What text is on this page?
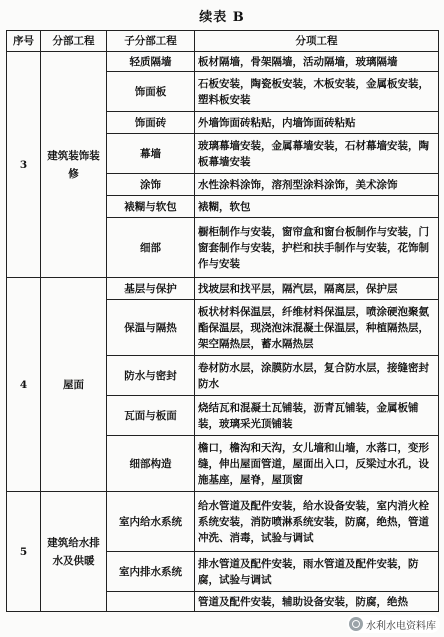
续表 B
序号	分部工程	子分部工程	分项工程
3	建筑装饰装修	轻质隔墙	板材隔墙，骨架隔墙，活动隔墙，玻璃隔墙
		饰面板	石板安装，陶瓷板安装，木板安装，金属板安装，塑料板安装
		饰面砖	外墙饰面砖粘贴，内墙饰面砖粘贴
		幕墙	玻璃幕墙安装，金属幕墙安装，石材幕墙安装，陶板幕墙安装
		涂饰	水性涂料涂饰，溶剂型涂料涂饰，美术涂饰
		裱糊与软包	裱糊，软包
		细部	橱柜制作与安装，窗帘盒和窗台板制作与安装，门窗套制作与安装，护栏和扶手制作与安装，花饰制作与安装
4	屋面	基层与保护	找坡层和找平层，隔汽层，隔离层，保护层
		保温与隔热	板状材料保温层，纤维材料保温层，喷涂硬泡聚氨酯保温层，现浇泡沫混凝土保温层，种植隔热层，架空隔热层，蓄水隔热层
		防水与密封	卷材防水层，涂膜防水层，复合防水层，接缝密封防水
		瓦面与板面	烧结瓦和混凝土瓦铺装，沥青瓦铺装，金属板铺装，玻璃采光顶铺装
		细部构造	檐口，檐沟和天沟，女儿墙和山墙，水落口，变形缝，伸出屋面管道，屋面出入口，反梁过水孔，设施基座，屋脊，屋顶窗
5	建筑给水排水及供暖	室内给水系统	给水管道及配件安装，给水设备安装，室内消火栓系统安装，消防喷淋系统安装，防腐，绝热，管道冲洗、消毒，试验与调试
		室内排水系统	排水管道及配件安装，雨水管道及配件安装，防腐，试验与调试
			管道及配件安装，辅助设备安装，防腐，绝热
水利水电资料库
